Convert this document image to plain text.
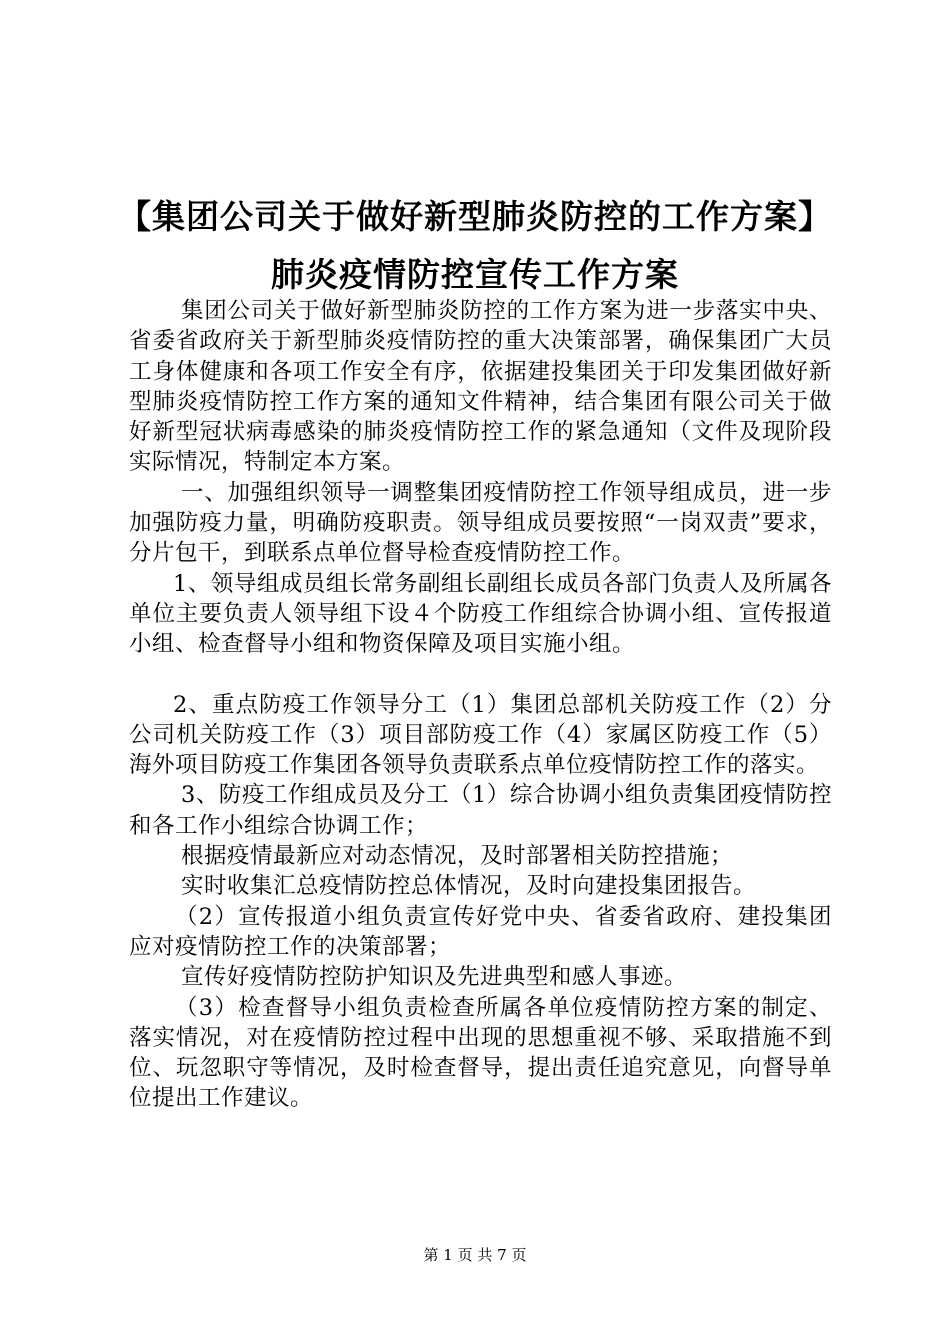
【集团公司关于做好新型肺炎防控的工作方案】肺炎疫情防控宣传工作方案

集团公司关于做好新型肺炎防控的工作方案为进一步落实中央、省委省政府关于新型肺炎疫情防控的重大决策部署，确保集团广大员工身体健康和各项工作安全有序，依据建投集团关于印发集团做好新型肺炎疫情防控工作方案的通知文件精神，结合集团有限公司关于做好新型冠状病毒感染的肺炎疫情防控工作的紧急通知（文件及现阶段实际情况，特制定本方案。

一、加强组织领导一调整集团疫情防控工作领导组成员，进一步加强防疫力量，明确防疫职责。领导组成员要按照“一岗双责”要求，分片包干，到联系点单位督导检查疫情防控工作。

1、领导组成员组长常务副组长副组长成员各部门负责人及所属各单位主要负责人领导组下设４个防疫工作组综合协调小组、宣传报道小组、检查督导小组和物资保障及项目实施小组。

2、重点防疫工作领导分工（1）集团总部机关防疫工作（2）分公司机关防疫工作（3）项目部防疫工作（4）家属区防疫工作（5）海外项目防疫工作集团各领导负责联系点单位疫情防控工作的落实。

3、防疫工作组成员及分工（1）综合协调小组负责集团疫情防控和各工作小组综合协调工作；

根据疫情最新应对动态情况，及时部署相关防控措施；

实时收集汇总疫情防控总体情况，及时向建投集团报告。

（2）宣传报道小组负责宣传好党中央、省委省政府、建投集团应对疫情防控工作的决策部署；

宣传好疫情防控防护知识及先进典型和感人事迹。

（3）检查督导小组负责检查所属各单位疫情防控方案的制定、落实情况，对在疫情防控过程中出现的思想重视不够、采取措施不到位、玩忽职守等情况，及时检查督导，提出责任追究意见，向督导单位提出工作建议。

第 1 页 共 7 页
